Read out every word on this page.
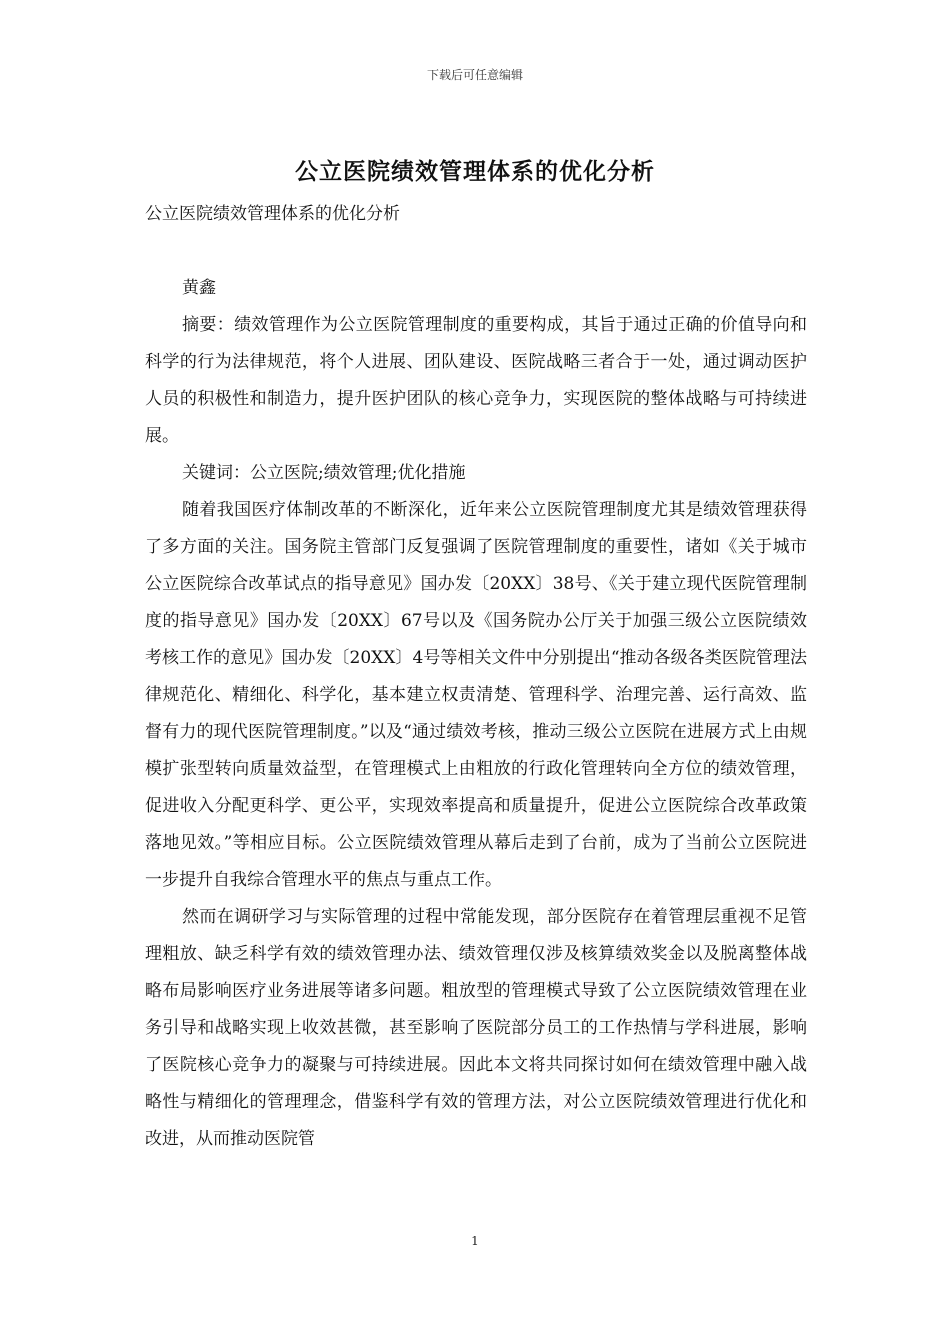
下载后可任意编辑
公立医院绩效管理体系的优化分析

公立医院绩效管理体系的优化分析

黄鑫

摘要：绩效管理作为公立医院管理制度的重要构成，其旨于通过正确的价值导向和科学的行为法律规范，将个人进展、团队建设、医院战略三者合于一处，通过调动医护人员的积极性和制造力，提升医护团队的核心竞争力，实现医院的整体战略与可持续进展。

关键词：公立医院;绩效管理;优化措施

随着我国医疗体制改革的不断深化，近年来公立医院管理制度尤其是绩效管理获得了多方面的关注。国务院主管部门反复强调了医院管理制度的重要性，诸如《关于城市公立医院综合改革试点的指导意见》国办发〔20XX〕38号、《关于建立现代医院管理制度的指导意见》国办发〔20XX〕67号以及《国务院办公厅关于加强三级公立医院绩效考核工作的意见》国办发〔20XX〕4号等相关文件中分别提出“推动各级各类医院管理法律规范化、精细化、科学化，基本建立权责清楚、管理科学、治理完善、运行高效、监督有力的现代医院管理制度。”以及“通过绩效考核，推动三级公立医院在进展方式上由规模扩张型转向质量效益型，在管理模式上由粗放的行政化管理转向全方位的绩效管理，促进收入分配更科学、更公平，实现效率提高和质量提升，促进公立医院综合改革政策落地见效。”等相应目标。公立医院绩效管理从幕后走到了台前，成为了当前公立医院进一步提升自我综合管理水平的焦点与重点工作。

然而在调研学习与实际管理的过程中常能发现，部分医院存在着管理层重视不足管理粗放、缺乏科学有效的绩效管理办法、绩效管理仅涉及核算绩效奖金以及脱离整体战略布局影响医疗业务进展等诸多问题。粗放型的管理模式导致了公立医院绩效管理在业务引导和战略实现上收效甚微，甚至影响了医院部分员工的工作热情与学科进展，影响了医院核心竞争力的凝聚与可持续进展。因此本文将共同探讨如何在绩效管理中融入战略性与精细化的管理理念，借鉴科学有效的管理方法，对公立医院绩效管理进行优化和改进，从而推动医院管

1
